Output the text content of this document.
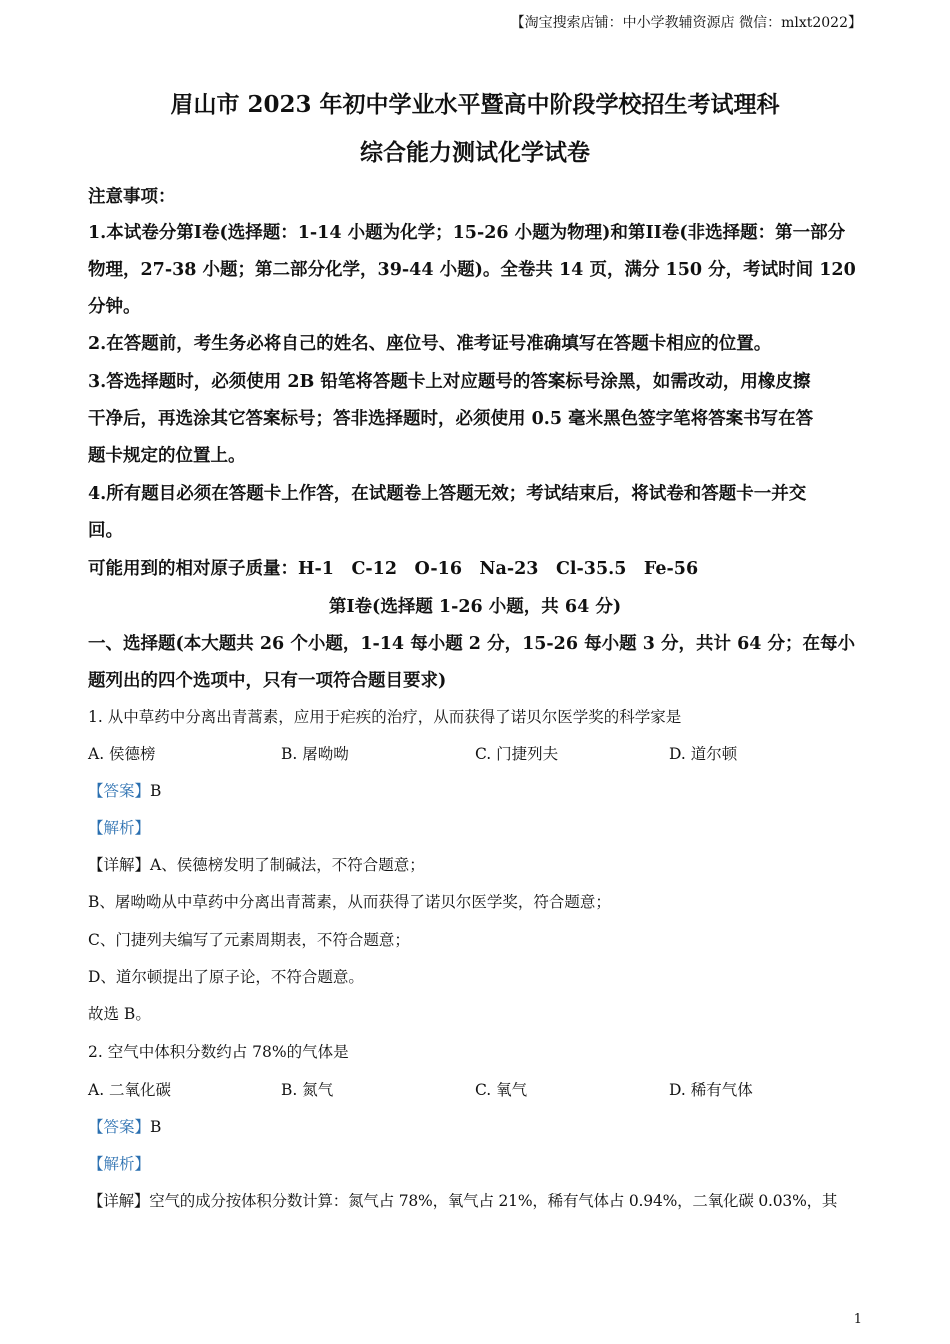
【淘宝搜索店铺：中小学教辅资源店 微信：mlxt2022】
眉山市 2023 年初中学业水平暨高中阶段学校招生考试理科
综合能力测试化学试卷
注意事项：
1.本试卷分第I卷(选择题：1-14 小题为化学；15-26 小题为物理)和第II卷(非选择题：第一部分
物理，27-38 小题；第二部分化学，39-44 小题)。全卷共 14 页，满分 150 分，考试时间 120
分钟。
2.在答题前，考生务必将自己的姓名、座位号、准考证号准确填写在答题卡相应的位置。
3.答选择题时，必须使用 2B 铅笔将答题卡上对应题号的答案标号涂黑，如需改动，用橡皮擦
干净后，再选涂其它答案标号；答非选择题时，必须使用 0.5 毫米黑色签字笔将答案书写在答
题卡规定的位置上。
4.所有题目必须在答题卡上作答，在试题卷上答题无效；考试结束后，将试卷和答题卡一并交
回。
可能用到的相对原子质量：H-1　C-12　O-16　Na-23　Cl-35.5　Fe-56
第I卷(选择题 1-26 小题，共 64 分)
一、选择题(本大题共 26 个小题，1-14 每小题 2 分，15-26 每小题 3 分，共计 64 分；在每小
题列出的四个选项中，只有一项符合题目要求)
1. 从中草药中分离出青蒿素，应用于疟疾的治疗，从而获得了诺贝尔医学奖的科学家是
A. 侯德榜	B. 屠呦呦	C. 门捷列夫	D. 道尔顿
【答案】B
【解析】
【详解】A、侯德榜发明了制碱法，不符合题意；
B、屠呦呦从中草药中分离出青蒿素，从而获得了诺贝尔医学奖，符合题意；
C、门捷列夫编写了元素周期表，不符合题意；
D、道尔顿提出了原子论，不符合题意。
故选 B。
2. 空气中体积分数约占 78%的气体是
A. 二氧化碳	B. 氮气	C. 氧气	D. 稀有气体
【答案】B
【解析】
【详解】空气的成分按体积分数计算：氮气占 78%，氧气占 21%，稀有气体占 0.94%，二氧化碳 0.03%，其
1
